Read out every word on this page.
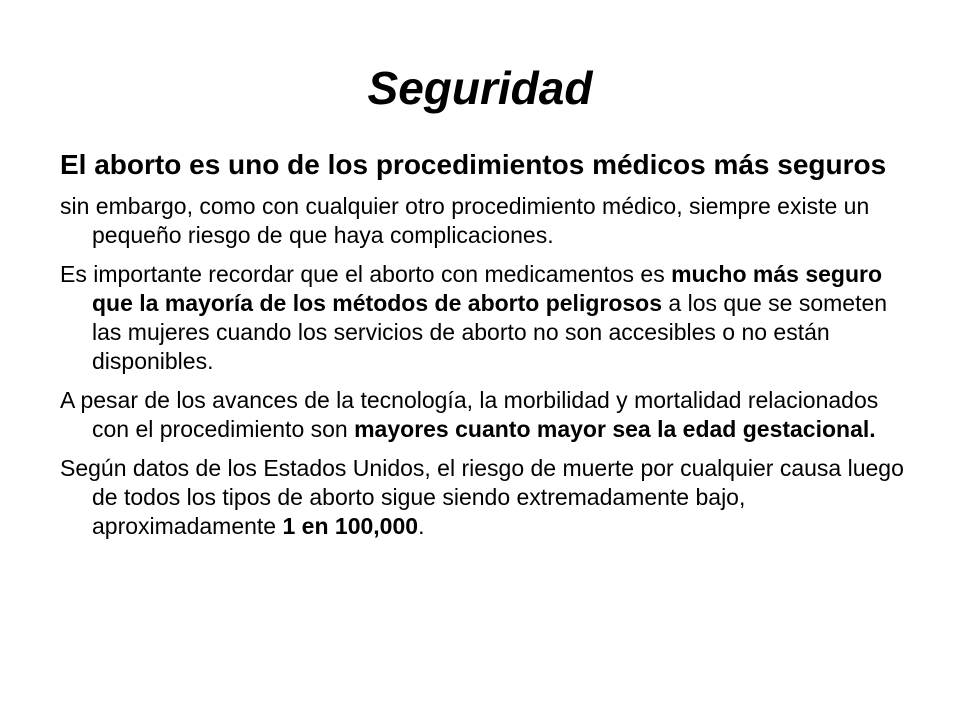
Seguridad

El aborto es uno de los procedimientos médicos más seguros

sin embargo, como con cualquier otro procedimiento médico, siempre existe un pequeño riesgo de que haya complicaciones.

Es importante recordar que el aborto con medicamentos es mucho más seguro que la mayoría de los métodos de aborto peligrosos a los que se someten las mujeres cuando los servicios de aborto no son accesibles o no están disponibles.

A pesar de los avances de la tecnología, la morbilidad y mortalidad relacionados con el procedimiento son mayores cuanto mayor sea la edad gestacional.

Según datos de los Estados Unidos, el riesgo de muerte por cualquier causa luego de todos los tipos de aborto sigue siendo extremadamente bajo, aproximadamente 1 en 100,000.
